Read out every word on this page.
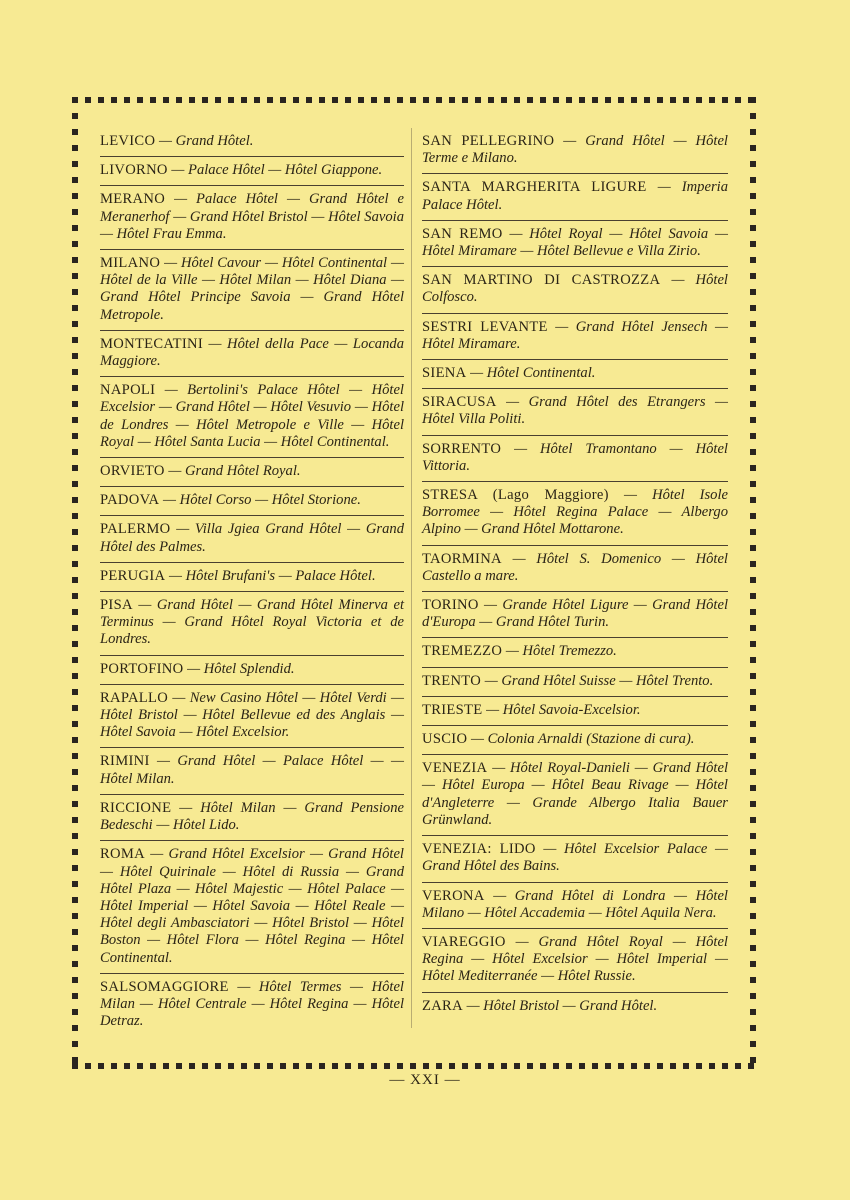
LEVICO — Grand Hôtel.
LIVORNO — Palace Hôtel — Hôtel Giappone.
MERANO — Palace Hôtel — Grand Hôtel e Meranerhof — Grand Hôtel Bristol — Hôtel Savoia — Hôtel Frau Emma.
MILANO — Hôtel Cavour — Hôtel Continental — Hôtel de la Ville — Hôtel Milan — Hôtel Diana — Grand Hôtel Principe Savoia — Grand Hôtel Metropole.
MONTECATINI — Hôtel della Pace — Locanda Maggiore.
NAPOLI — Bertolini's Palace Hôtel — Hôtel Excelsior — Grand Hôtel — Hôtel Vesuvio — Hôtel de Londres — Hôtel Metropole e Ville — Hôtel Royal — Hôtel Santa Lucia — Hôtel Continental.
ORVIETO — Grand Hôtel Royal.
PADOVA — Hôtel Corso — Hôtel Storione.
PALERMO — Villa Jgiea Grand Hôtel — Grand Hôtel des Palmes.
PERUGIA — Hôtel Brufani's — Palace Hôtel.
PISA — Grand Hôtel — Grand Hôtel Minerva et Terminus — Grand Hôtel Royal Victoria et de Londres.
PORTOFINO — Hôtel Splendid.
RAPALLO — New Casino Hôtel — Hôtel Verdi — Hôtel Bristol — Hôtel Bellevue ed des Anglais — Hôtel Savoia — Hôtel Excelsior.
RIMINI — Grand Hôtel — Palace Hôtel — — Hôtel Milan.
RICCIONE — Hôtel Milan — Grand Pensione Bedeschi — Hôtel Lido.
ROMA — Grand Hôtel Excelsior — Grand Hôtel — Hôtel Quirinale — Hôtel di Russia — Grand Hôtel Plaza — Hôtel Majestic — Hôtel Palace — Hôtel Imperial — Hôtel Savoia — Hôtel Reale — Hôtel degli Ambasciatori — Hôtel Bristol — Hôtel Boston — Hôtel Flora — Hôtel Regina — Hôtel Continental.
SALSOMAGGIORE — Hôtel Termes — Hôtel Milan — Hôtel Centrale — Hôtel Regina — Hôtel Detraz.
SAN PELLEGRINO — Grand Hôtel — Hôtel Terme e Milano.
SANTA MARGHERITA LIGURE — Imperia Palace Hôtel.
SAN REMO — Hôtel Royal — Hôtel Savoia — Hôtel Miramare — Hôtel Bellevue e Villa Zirio.
SAN MARTINO DI CASTROZZA — Hôtel Colfosco.
SESTRI LEVANTE — Grand Hôtel Jensech — Hôtel Miramare.
SIENA — Hôtel Continental.
SIRACUSA — Grand Hôtel des Etrangers — Hôtel Villa Politi.
SORRENTO — Hôtel Tramontano — Hôtel Vittoria.
STRESA (Lago Maggiore) — Hôtel Isole Borromee — Hôtel Regina Palace — Albergo Alpino — Grand Hôtel Mottarone.
TAORMINA — Hôtel S. Domenico — Hôtel Castello a mare.
TORINO — Grande Hôtel Ligure — Grand Hôtel d'Europa — Grand Hôtel Turin.
TREMEZZO — Hôtel Tremezzo.
TRENTO — Grand Hôtel Suisse — Hôtel Trento.
TRIESTE — Hôtel Savoia-Excelsior.
USCIO — Colonia Arnaldi (Stazione di cura).
VENEZIA — Hôtel Royal-Danieli — Grand Hôtel — Hôtel Europa — Hôtel Beau Rivage — Hôtel d'Angleterre — Grande Albergo Italia Bauer Grünwland.
VENEZIA: LIDO — Hôtel Excelsior Palace — Grand Hôtel des Bains.
VERONA — Grand Hôtel di Londra — Hôtel Milano — Hôtel Accademia — Hôtel Aquila Nera.
VIAREGGIO — Grand Hôtel Royal — Hôtel Regina — Hôtel Excelsior — Hôtel Imperial — Hôtel Mediterranée — Hôtel Russie.
ZARA — Hôtel Bristol — Grand Hôtel.
— XXI —
